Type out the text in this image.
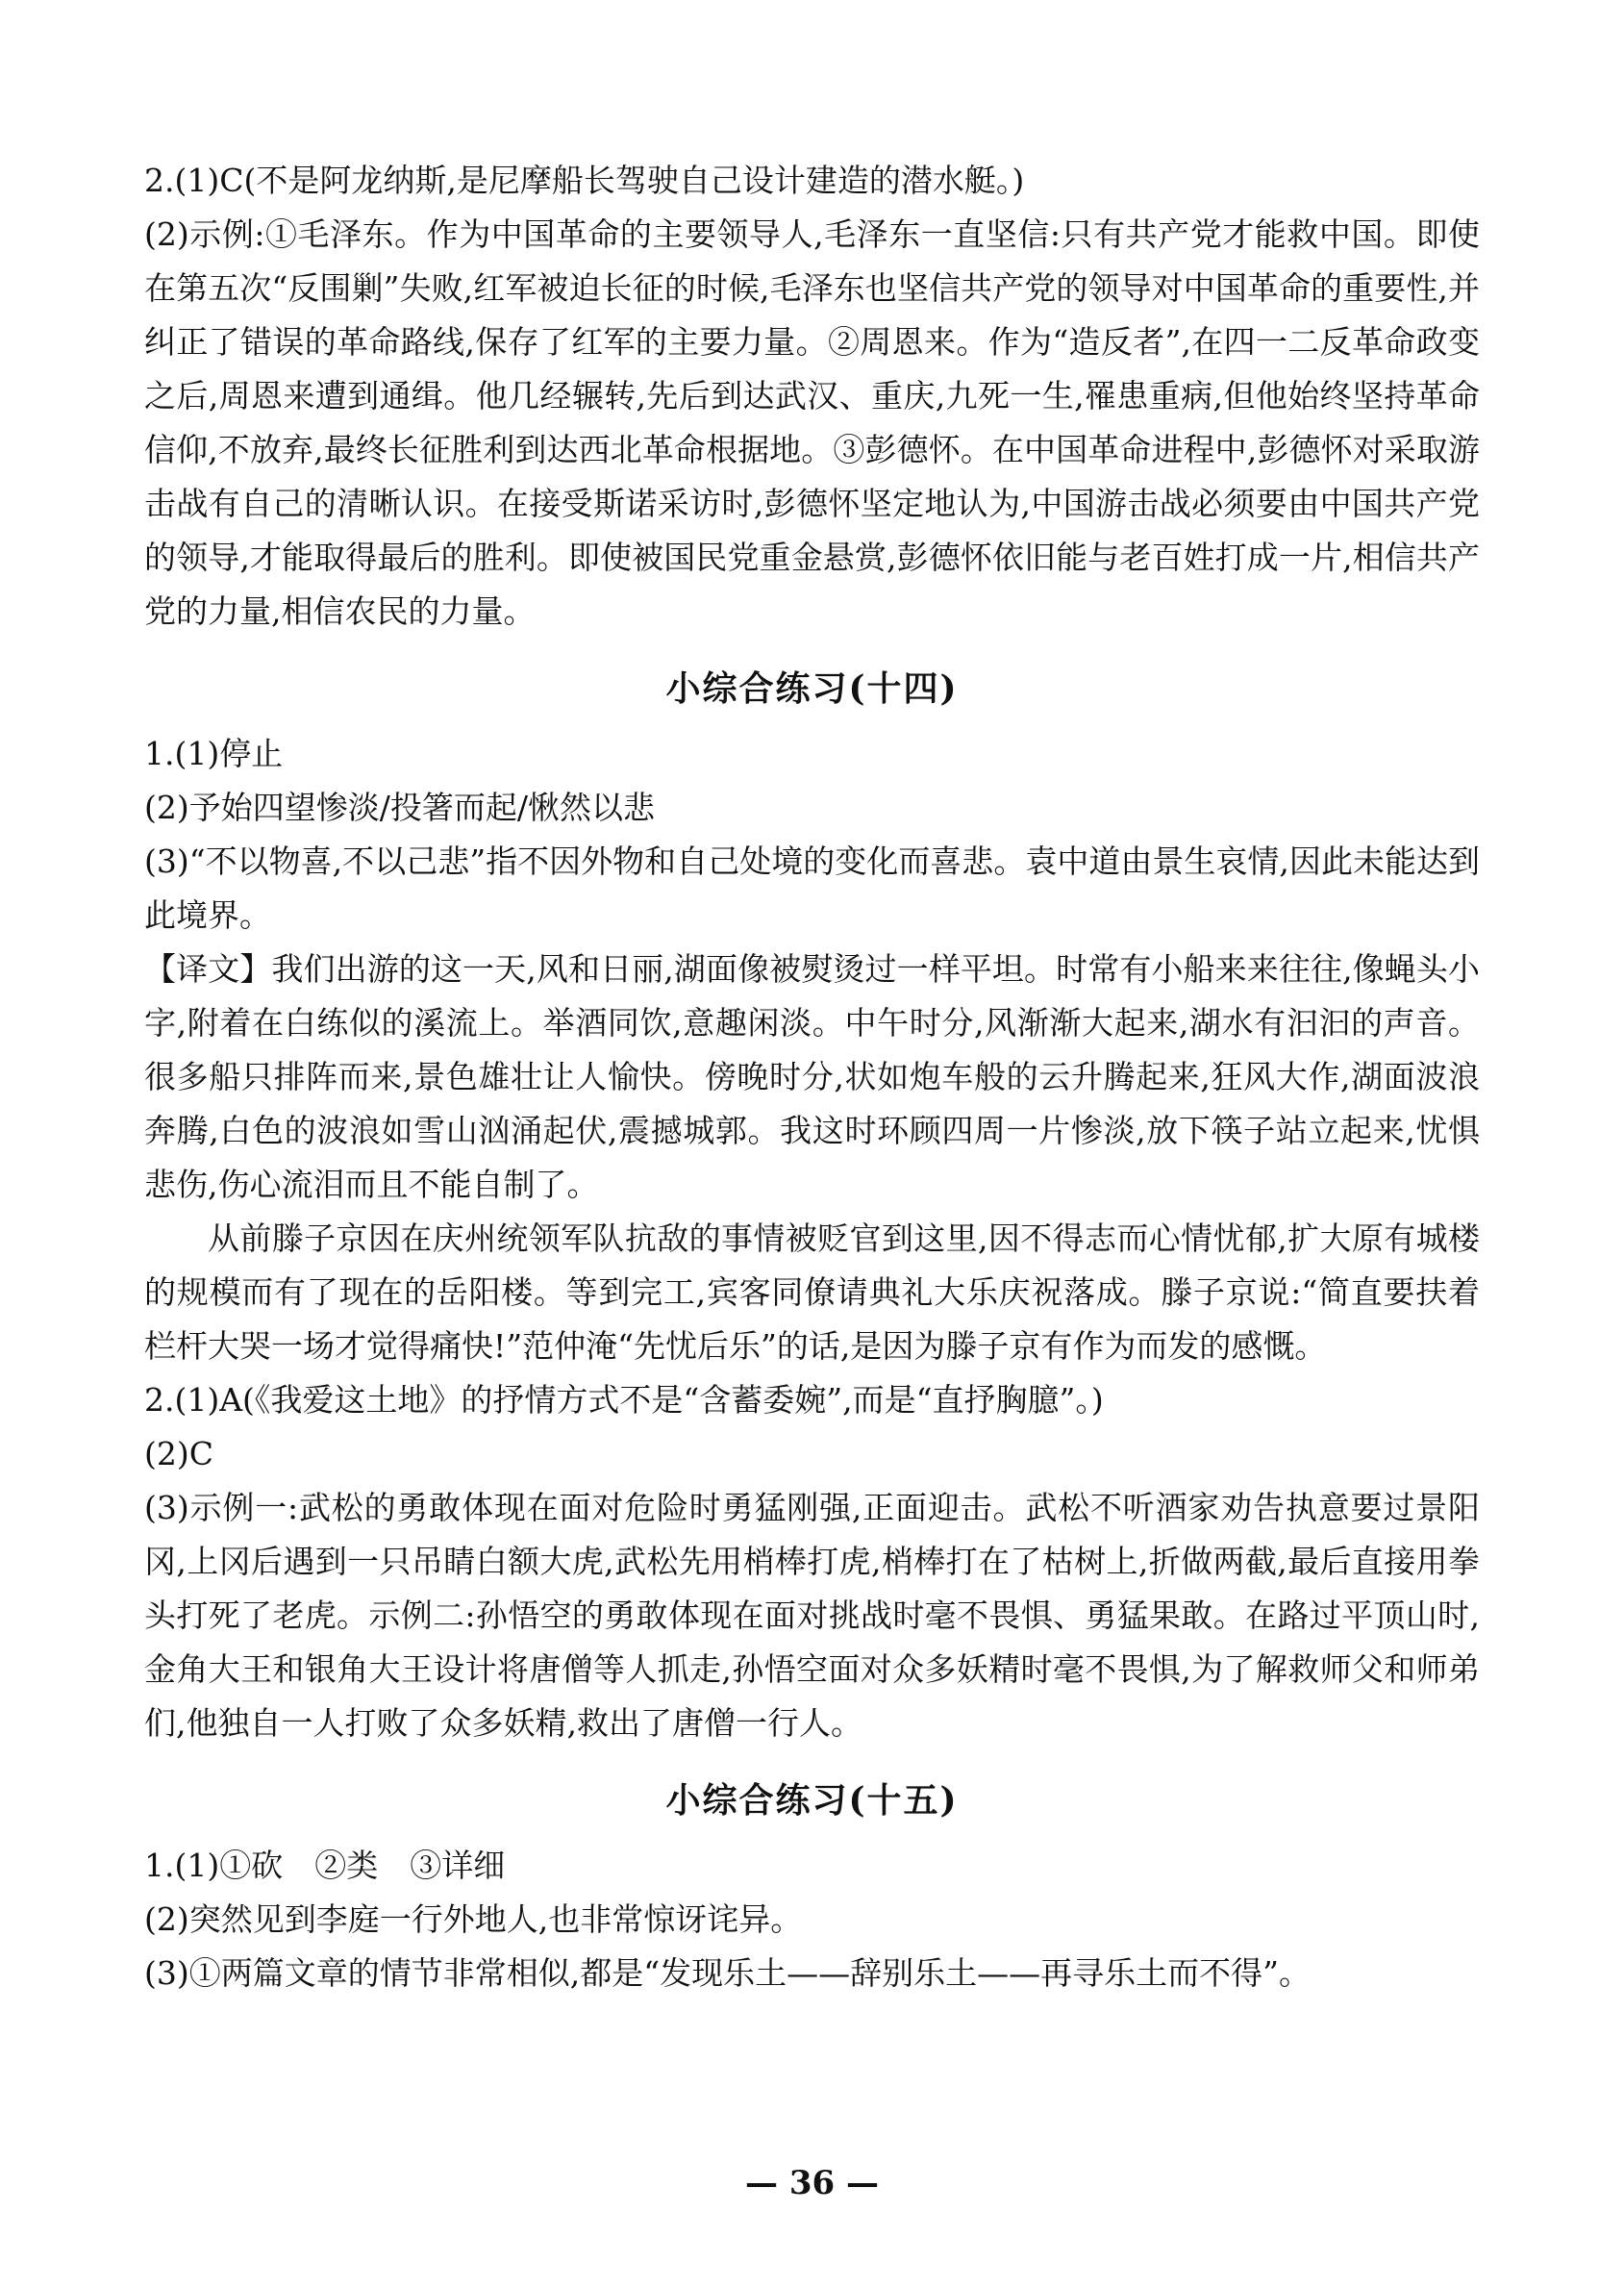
2.(1)C(不是阿龙纳斯,是尼摩船长驾驶自己设计建造的潜水艇。)

(2)示例:①毛泽东。作为中国革命的主要领导人,毛泽东一直坚信:只有共产党才能救中国。即使在第五次“反围剿”失败,红军被迫长征的时候,毛泽东也坚信共产党的领导对中国革命的重要性,并纠正了错误的革命路线,保存了红军的主要力量。②周恩来。作为“造反者”,在四一二反革命政变之后,周恩来遭到通缉。他几经辗转,先后到达武汉、重庆,九死一生,罹患重病,但他始终坚持革命信仰,不放弃,最终长征胜利到达西北革命根据地。③彭德怀。在中国革命进程中,彭德怀对采取游击战有自己的清晰认识。在接受斯诺采访时,彭德怀坚定地认为,中国游击战必须要由中国共产党的领导,才能取得最后的胜利。即使被国民党重金悬赏,彭德怀依旧能与老百姓打成一片,相信共产党的力量,相信农民的力量。

小综合练习(十四)

1.(1)停止

(2)予始四望惨淡/投箸而起/愀然以悲

(3)“不以物喜,不以己悲”指不因外物和自己处境的变化而喜悲。袁中道由景生哀情,因此未能达到此境界。

【译文】我们出游的这一天,风和日丽,湖面像被熨烫过一样平坦。时常有小船来来往往,像蝇头小字,附着在白练似的溪流上。举酒同饮,意趣闲淡。中午时分,风渐渐大起来,湖水有汩汩的声音。很多船只排阵而来,景色雄壮让人愉快。傍晚时分,状如炮车般的云升腾起来,狂风大作,湖面波浪奔腾,白色的波浪如雪山汹涌起伏,震撼城郭。我这时环顾四周一片惨淡,放下筷子站立起来,忧惧悲伤,伤心流泪而且不能自制了。

从前滕子京因在庆州统领军队抗敌的事情被贬官到这里,因不得志而心情忧郁,扩大原有城楼的规模而有了现在的岳阳楼。等到完工,宾客同僚请典礼大乐庆祝落成。滕子京说:“简直要扶着栏杆大哭一场才觉得痛快!”范仲淹“先忧后乐”的话,是因为滕子京有作为而发的感慨。

2.(1)A(《我爱这土地》的抒情方式不是“含蓄委婉”,而是“直抒胸臆”。)

(2)C

(3)示例一:武松的勇敢体现在面对危险时勇猛刚强,正面迎击。武松不听酒家劝告执意要过景阳冈,上冈后遇到一只吊睛白额大虎,武松先用梢棒打虎,梢棒打在了枯树上,折做两截,最后直接用拳头打死了老虎。示例二:孙悟空的勇敢体现在面对挑战时毫不畏惧、勇猛果敢。在路过平顶山时,金角大王和银角大王设计将唐僧等人抓走,孙悟空面对众多妖精时毫不畏惧,为了解救师父和师弟们,他独自一人打败了众多妖精,救出了唐僧一行人。

小综合练习(十五)

1.(1)①砍　②类　③详细

(2)突然见到李庭一行外地人,也非常惊讶诧异。

(3)①两篇文章的情节非常相似,都是“发现乐土——辞别乐土——再寻乐土而不得”。

— 36 —
